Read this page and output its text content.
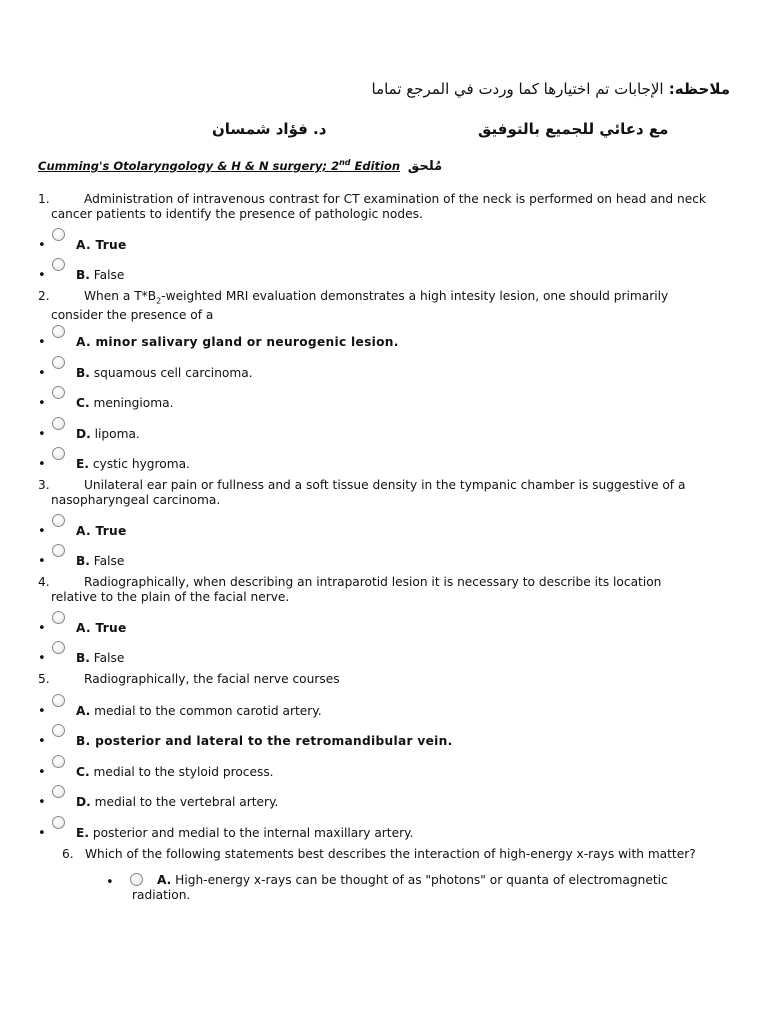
ملاحظه: الإجابات تم اختيارها كما وردت في المرجع تماما
مع دعائي للجميع بالتوفيق
د. فؤاد شمسان
Cumming's Otolaryngology & H & N surgery; 2nd Edition مُلحق
1.	Administration of intravenous contrast for CT examination of the neck is performed on head and neck
cancer patients to identify the presence of pathologic nodes.
• A. True
• B. False
2.	When a $T*B_2$-weighted MRI evaluation demonstrates a high intesity lesion, one should primarily
consider the presence of a
• A. minor salivary gland or neurogenic lesion.
• B. squamous cell carcinoma.
• C. meningioma.
• D. lipoma.
• E. cystic hygroma.
3.	Unilateral ear pain or fullness and a soft tissue density in the tympanic chamber is suggestive of a
nasopharyngeal carcinoma.
• A. True
• B. False
4.	Radiographically, when describing an intraparotid lesion it is necessary to describe its location
relative to the plain of the facial nerve.
• A. True
• B. False
5.	Radiographically, the facial nerve courses
• A. medial to the common carotid artery.
• B. posterior and lateral to the retromandibular vein.
• C. medial to the styloid process.
• D. medial to the vertebral artery.
• E. posterior and medial to the internal maxillary artery.
6. Which of the following statements best describes the interaction of high-energy x-rays with matter?
•	A. High-energy x-rays can be thought of as "photons" or quanta of electromagnetic
radiation.
